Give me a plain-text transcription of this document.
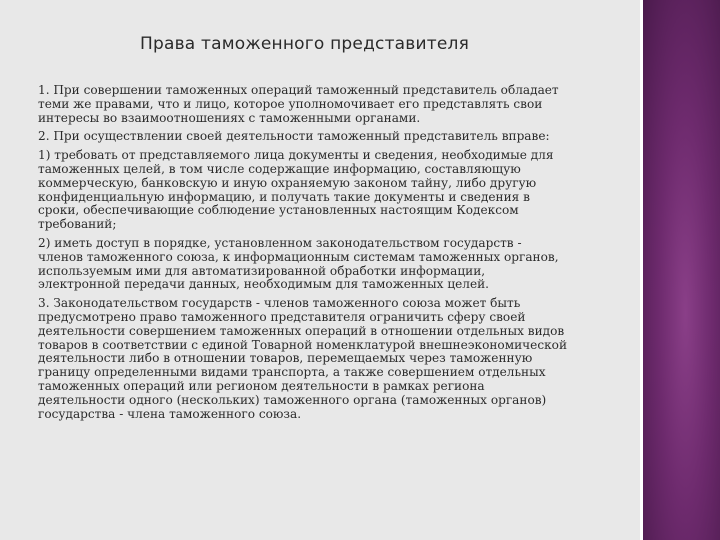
Права таможенного представителя

1. При совершении таможенных операций таможенный представитель обладает
теми же правами, что и лицо, которое уполномочивает его представлять свои
интересы во взаимоотношениях с таможенными органами.

2. При осуществлении своей деятельности таможенный представитель вправе:

1) требовать от представляемого лица документы и сведения, необходимые для
таможенных целей, в том числе содержащие информацию, составляющую
коммерческую, банковскую и иную охраняемую законом тайну, либо другую
конфиденциальную информацию, и получать такие документы и сведения в
сроки, обеспечивающие соблюдение установленных настоящим Кодексом
требований;

2) иметь доступ в порядке, установленном законодательством государств -
членов таможенного союза, к информационным системам таможенных органов,
используемым ими для автоматизированной обработки информации,
электронной передачи данных, необходимым для таможенных целей.

3. Законодательством государств - членов таможенного союза может быть
предусмотрено право таможенного представителя ограничить сферу своей
деятельности совершением таможенных операций в отношении отдельных видов
товаров в соответствии с единой Товарной номенклатурой внешнеэкономической
деятельности либо в отношении товаров, перемещаемых через таможенную
границу определенными видами транспорта, а также совершением отдельных
таможенных операций или регионом деятельности в рамках региона
деятельности одного (нескольких) таможенного органа (таможенных органов)
государства - члена таможенного союза.
